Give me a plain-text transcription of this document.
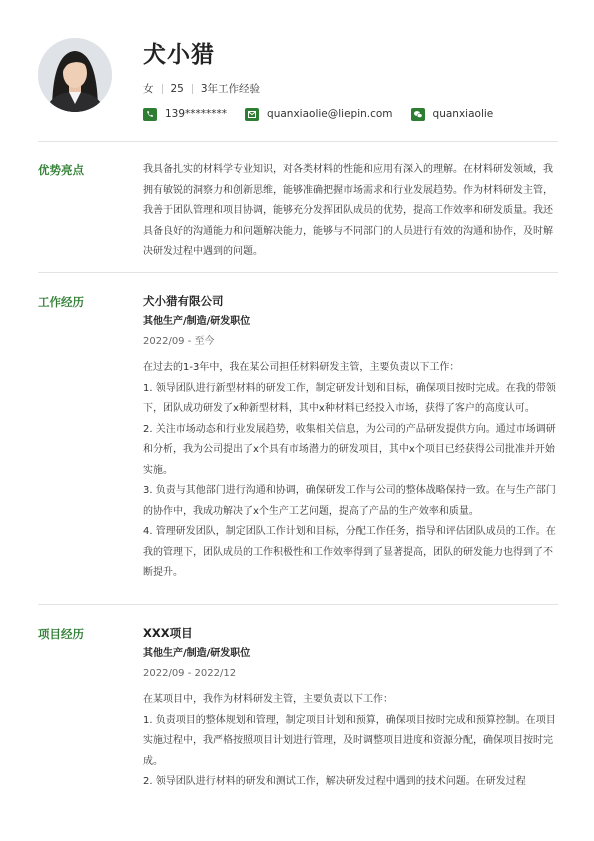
犬小猎
女 25 3年工作经验
139********	quanxiaolie@liepin.com	quanxiaolie
优势亮点	我具备扎实的材料学专业知识，对各类材料的性能和应用有深入的理解。在材料研发领域，我拥有敏锐的洞察力和创新思维，能够准确把握市场需求和行业发展趋势。作为材料研发主管，我善于团队管理和项目协调，能够充分发挥团队成员的优势，提高工作效率和研发质量。我还具备良好的沟通能力和问题解决能力，能够与不同部门的人员进行有效的沟通和协作，及时解决研发过程中遇到的问题。

工作经历	犬小猎有限公司
其他生产/制造/研发职位
2022/09 - 至今

在过去的1-3年中，我在某公司担任材料研发主管，主要负责以下工作：

1. 领导团队进行新型材料的研发工作，制定研发计划和目标，确保项目按时完成。在我的带领下，团队成功研发了x种新型材料，其中x种材料已经投入市场，获得了客户的高度认可。

2. 关注市场动态和行业发展趋势，收集相关信息，为公司的产品研发提供方向。通过市场调研和分析，我为公司提出了x个具有市场潜力的研发项目，其中x个项目已经获得公司批准并开始实施。

3. 负责与其他部门进行沟通和协调，确保研发工作与公司的整体战略保持一致。在与生产部门的协作中，我成功解决了x个生产工艺问题，提高了产品的生产效率和质量。

4. 管理研发团队，制定团队工作计划和目标，分配工作任务，指导和评估团队成员的工作。在我的管理下，团队成员的工作积极性和工作效率得到了显著提高，团队的研发能力也得到了不断提升。

项目经历	XXX项目
其他生产/制造/研发职位
2022/09 - 2022/12

在某项目中，我作为材料研发主管，主要负责以下工作：

1. 负责项目的整体规划和管理，制定项目计划和预算，确保项目按时完成和预算控制。在项目实施过程中，我严格按照项目计划进行管理，及时调整项目进度和资源分配，确保项目按时完成。

2. 领导团队进行材料的研发和测试工作，解决研发过程中遇到的技术问题。在研发过程
